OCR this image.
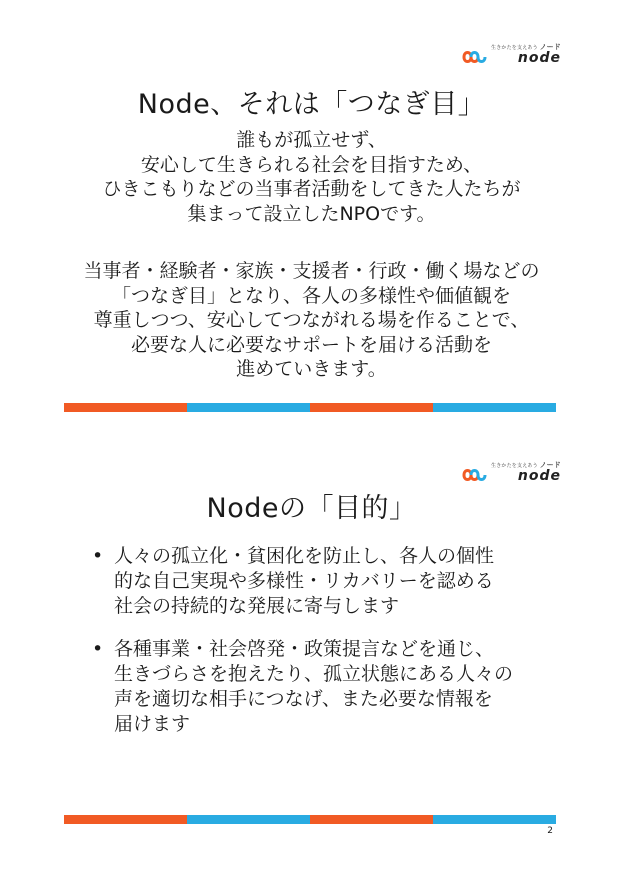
生きかたを支えあう ノード
node
Node、それは「つなぎ目」

誰もが孤立せず、
安心して生きられる社会を目指すため、
ひきこもりなどの当事者活動をしてきた人たちが
集まって設立したNPOです。

当事者・経験者・家族・支援者・行政・働く場などの
「つなぎ目」となり、各人の多様性や価値観を
尊重しつつ、安心してつながれる場を作ることで、
必要な人に必要なサポートを届ける活動を
進めていきます。

生きかたを支えあう ノード
node
Nodeの「目的」
• 人々の孤立化・貧困化を防止し、各人の個性
的な自己実現や多様性・リカバリーを認める
社会の持続的な発展に寄与します
• 各種事業・社会啓発・政策提言などを通じ、
生きづらさを抱えたり、孤立状態にある人々の
声を適切な相手につなげ、また必要な情報を
届けます
2
